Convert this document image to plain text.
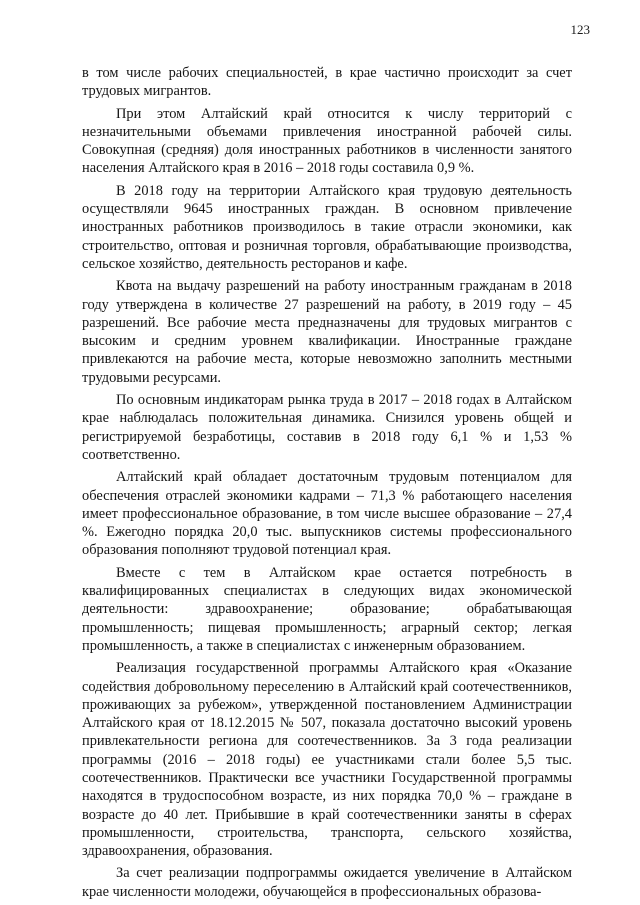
123

в том числе рабочих специальностей, в крае частично происходит за счет трудовых мигрантов.

При этом Алтайский край относится к числу территорий с незначительными объемами привлечения иностранной рабочей силы. Совокупная (средняя) доля иностранных работников в численности занятого населения Алтайского края в 2016 – 2018 годы составила 0,9 %.

В 2018 году на территории Алтайского края трудовую деятельность осуществляли 9645 иностранных граждан. В основном привлечение иностранных работников производилось в такие отрасли экономики, как строительство, оптовая и розничная торговля, обрабатывающие производства, сельское хозяйство, деятельность ресторанов и кафе.

Квота на выдачу разрешений на работу иностранным гражданам в 2018 году утверждена в количестве 27 разрешений на работу, в 2019 году – 45 разрешений. Все рабочие места предназначены для трудовых мигрантов с высоким и средним уровнем квалификации. Иностранные граждане привлекаются на рабочие места, которые невозможно заполнить местными трудовыми ресурсами.

По основным индикаторам рынка труда в 2017 – 2018 годах в Алтайском крае наблюдалась положительная динамика. Снизился уровень общей и регистрируемой безработицы, составив в 2018 году 6,1 % и 1,53 % соответственно.

Алтайский край обладает достаточным трудовым потенциалом для обеспечения отраслей экономики кадрами – 71,3 % работающего населения имеет профессиональное образование, в том числе высшее образование – 27,4 %. Ежегодно порядка 20,0 тыс. выпускников системы профессионального образования пополняют трудовой потенциал края.

Вместе с тем в Алтайском крае остается потребность в квалифицированных специалистах в следующих видах экономической деятельности: здравоохранение; образование; обрабатывающая промышленность; пищевая промышленность; аграрный сектор; легкая промышленность, а также в специалистах с инженерным образованием.

Реализация государственной программы Алтайского края «Оказание содействия добровольному переселению в Алтайский край соотечественников, проживающих за рубежом», утвержденной постановлением Администрации Алтайского края от 18.12.2015 № 507, показала достаточно высокий уровень привлекательности региона для соотечественников. За 3 года реализации программы (2016 – 2018 годы) ее участниками стали более 5,5 тыс. соотечественников. Практически все участники Государственной программы находятся в трудоспособном возрасте, из них порядка 70,0 % – граждане в возрасте до 40 лет. Прибывшие в край соотечественники заняты в сферах промышленности, строительства, транспорта, сельского хозяйства, здравоохранения, образования.

За счет реализации подпрограммы ожидается увеличение в Алтайском крае численности молодежи, обучающейся в профессиональных образова-
